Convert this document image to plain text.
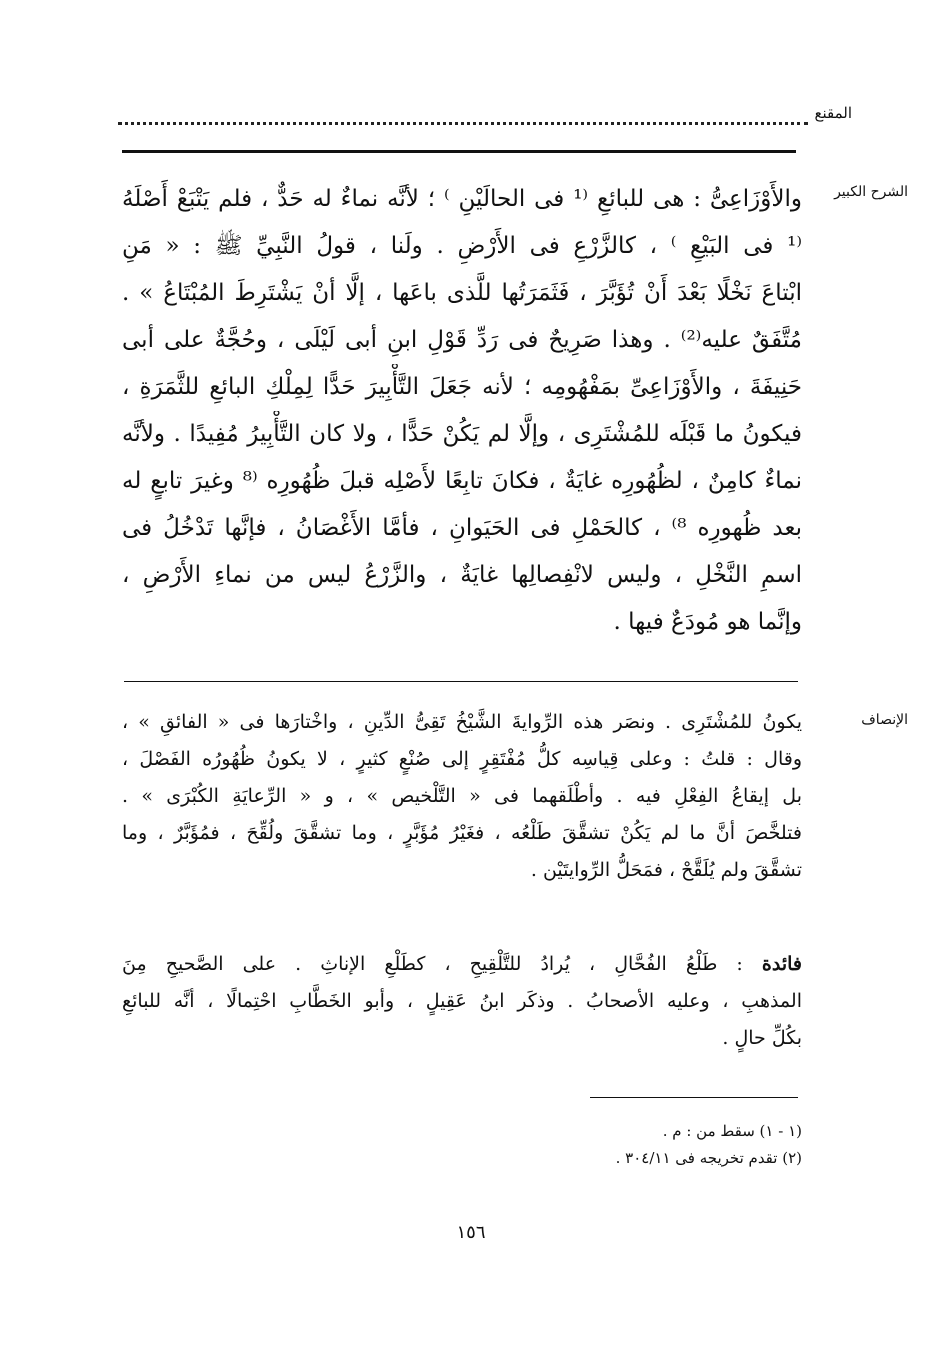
المقنع
الشرح الكبير
والأَوْزَاعِىُّ : هى للبائعِ ⁽¹ فى الحالَيْنِ ⁾ ؛ لأنَّه نماءٌ له حَدٌّ ، فلم يَتْبَعْ أَصْلَهُ
⁽¹ فى البَيْعِ ⁾ ، كالزَّرْعِ فى الأَرْضِ . ولَنا ، قولُ النَّبِيِّ ﷺ : « مَنِ
ابْتاعَ نَخْلًا بَعْدَ أَنْ تُؤَبَّرَ ، فَثَمَرَتُها للَّذى باعَها ، إلَّا أنْ يَشْتَرِطَ المُبْتَاعُ » .
مُتَّفَقٌ عليه⁽²⁾ . وهذا صَرِيحٌ فى رَدِّ قَوْلِ ابنِ أبى لَيْلَى ، وحُجَّةٌ على أبى
حَنِيفَةَ ، والأَوْزَاعِىِّ بمَفْهُومِه ؛ لأنه جَعَلَ التَّأْبِيرَ حَدًّا لِمِلْكِ البائعِ للثَّمَرَةِ ،
فيكونُ ما قَبْلَه للمُشْتَرِى ، وإلَّا لم يَكُنْ حَدًّا ، ولا كان التَّأْبِيرُ مُفِيدًا . ولأنَّه
نماءٌ كامِنٌ ، لظُهُورِه غايَةٌ ، فكانَ تابِعًا لأَصْلِه قبلَ ظُهُورِه ⁽⁸ وغيرَ تابعٍ له
بعد ظُهورِه ⁸⁾ ، كالحَمْلِ فى الحَيَوانِ ، فأمَّا الأَغْصَانُ ، فإنَّها تَدْخُلُ فى
اسمِ النَّخْلِ ، وليس لانْفِصالِها غايَةٌ ، والزَّرْعُ ليس من نماءِ الأَرْضِ ،
وإنَّما هو مُودَعٌ فيها .
الإنصاف
يكونُ للمُشْتَرِى . ونصَر هذه الرِّوايةَ الشَّيْخُ تَقِىُّ الدِّينِ ، واخْتارَها فى « الفائقِ » ،
وقال : قلتُ : وعلى قِياسِه كلُّ مُفْتَقِرٍ إلى صُنْعٍ كثيرٍ ، لا يكونُ ظُهُورُه الفَصْلَ ،
بل إيقاعُ الفِعْلِ فيه . وأطْلَقهما فى « التَّلْخيص » ، و « الرِّعايَةِ الكُبْرَى » .
فتلخَّصَ أنَّ ما لم يَكُنْ تشقَّقَ طَلْعُه ، فغَيْرُ مُؤَبَّرٍ ، وما تشقَّقَ ولُقِّحَ ، فمُؤَبَّرٌ ، وما
تشقَّقَ ولم يُلَقَّحْ ، فمَحَلُّ الرِّوايتَيْن .
فائدة : طَلْعُ الفُحَّالِ ، يُرادُ للتَّلْقِيحِ ، كطَلْعِ الإناثِ . على الصَّحيحِ مِنَ
المذهبِ ، وعليه الأصحابُ . وذكَر ابنُ عَقِيلٍ ، وأبو الخَطَّابِ احْتِمالًا ، أنَّه للبائعِ
بكُلِّ حالٍ .
(١ - ١) سقط من : م .
(٢) تقدم تخريجه فى ٣٠٤/١١ .
١٥٦
